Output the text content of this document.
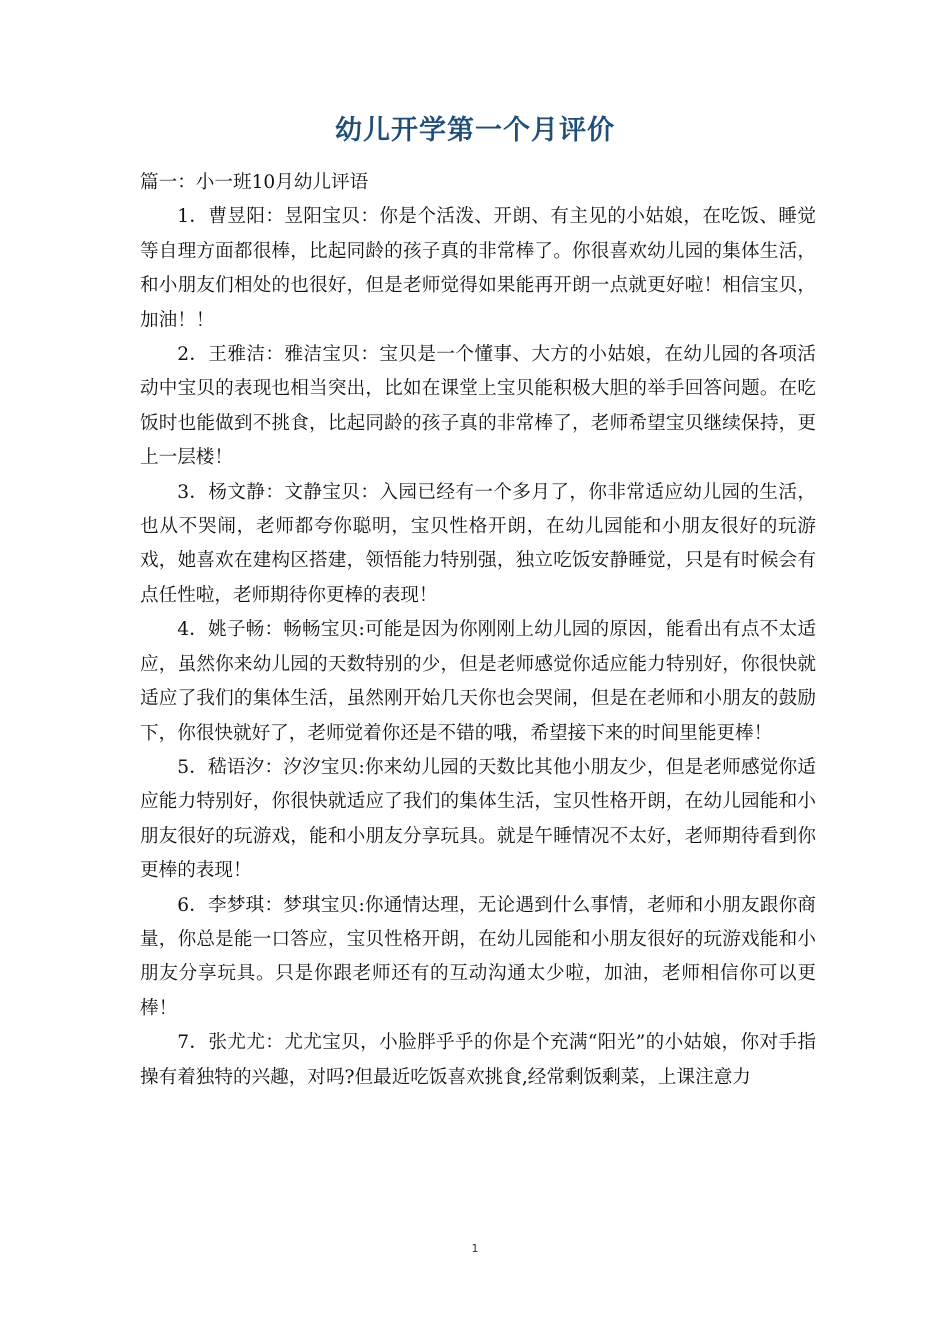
幼儿开学第一个月评价

篇一：小一班10月幼儿评语

1．曹昱阳：昱阳宝贝：你是个活泼、开朗、有主见的小姑娘，在吃饭、睡觉等自理方面都很棒，比起同龄的孩子真的非常棒了。你很喜欢幼儿园的集体生活，和小朋友们相处的也很好，但是老师觉得如果能再开朗一点就更好啦！相信宝贝，加油！！

2．王雅洁：雅洁宝贝：宝贝是一个懂事、大方的小姑娘，在幼儿园的各项活动中宝贝的表现也相当突出，比如在课堂上宝贝能积极大胆的举手回答问题。在吃饭时也能做到不挑食，比起同龄的孩子真的非常棒了，老师希望宝贝继续保持，更上一层楼！

3．杨文静：文静宝贝：入园已经有一个多月了，你非常适应幼儿园的生活，也从不哭闹，老师都夸你聪明，宝贝性格开朗，在幼儿园能和小朋友很好的玩游戏，她喜欢在建构区搭建，领悟能力特别强，独立吃饭安静睡觉，只是有时候会有点任性啦，老师期待你更棒的表现！

4．姚子畅：畅畅宝贝:可能是因为你刚刚上幼儿园的原因，能看出有点不太适应，虽然你来幼儿园的天数特别的少，但是老师感觉你适应能力特别好，你很快就适应了我们的集体生活，虽然刚开始几天你也会哭闹，但是在老师和小朋友的鼓励下，你很快就好了，老师觉着你还是不错的哦，希望接下来的时间里能更棒！

5．嵇语汐：汐汐宝贝:你来幼儿园的天数比其他小朋友少，但是老师感觉你适应能力特别好，你很快就适应了我们的集体生活，宝贝性格开朗，在幼儿园能和小朋友很好的玩游戏，能和小朋友分享玩具。就是午睡情况不太好，老师期待看到你更棒的表现！

6．李梦琪：梦琪宝贝:你通情达理，无论遇到什么事情，老师和小朋友跟你商量，你总是能一口答应，宝贝性格开朗，在幼儿园能和小朋友很好的玩游戏能和小朋友分享玩具。只是你跟老师还有的互动沟通太少啦，加油，老师相信你可以更棒！

7．张尤尤：尤尤宝贝，小脸胖乎乎的你是个充满“阳光”的小姑娘，你对手指操有着独特的兴趣，对吗?但最近吃饭喜欢挑食,经常剩饭剩菜，上课注意力

1
